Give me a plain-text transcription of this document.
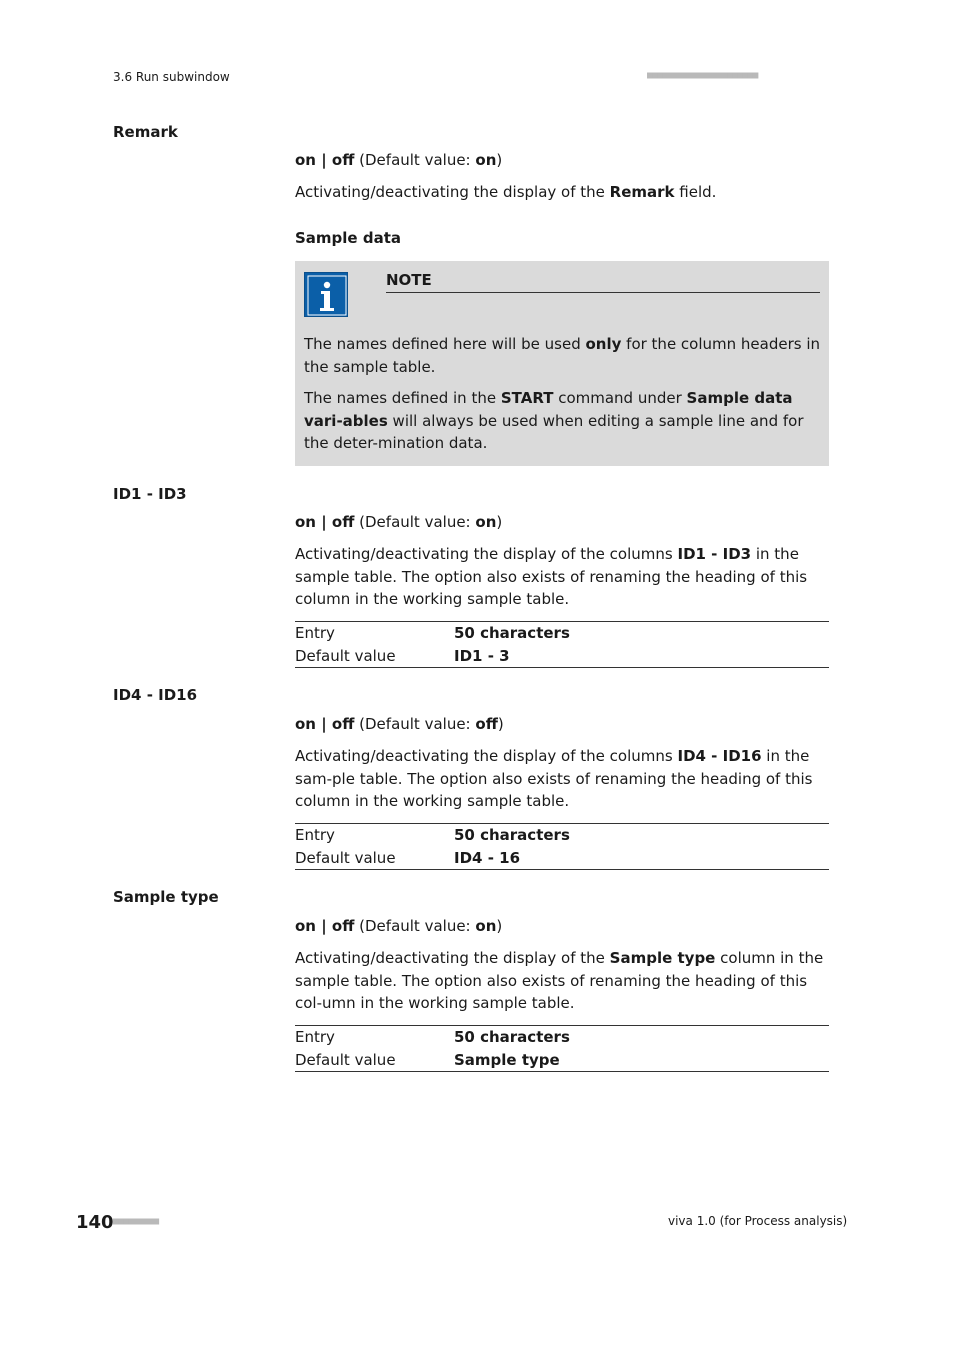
3.6 Run subwindow	■■■■■■■■■■■■■■■■■■■■■■
Remark
on | off (Default value: on)
Activating/deactivating the display of the Remark field.
Sample data
NOTE
The names defined here will be used only for the column headers in the sample table.
The names defined in the START command under Sample data vari-ables will always be used when editing a sample line and for the deter-mination data.
ID1 - ID3
on | off (Default value: on)
Activating/deactivating the display of the columns ID1 - ID3 in the sample table. The option also exists of renaming the heading of this column in the working sample table.
Entry	50 characters
Default value	ID1 - 3
ID4 - ID16
on | off (Default value: off)
Activating/deactivating the display of the columns ID4 - ID16 in the sam-ple table. The option also exists of renaming the heading of this column in the working sample table.
Entry	50 characters
Default value	ID4 - 16
Sample type
on | off (Default value: on)
Activating/deactivating the display of the Sample type column in the sample table. The option also exists of renaming the heading of this col-umn in the working sample table.
Entry	50 characters
Default value	Sample type
140 ■■■■■■■■■	viva 1.0 (for Process analysis)
